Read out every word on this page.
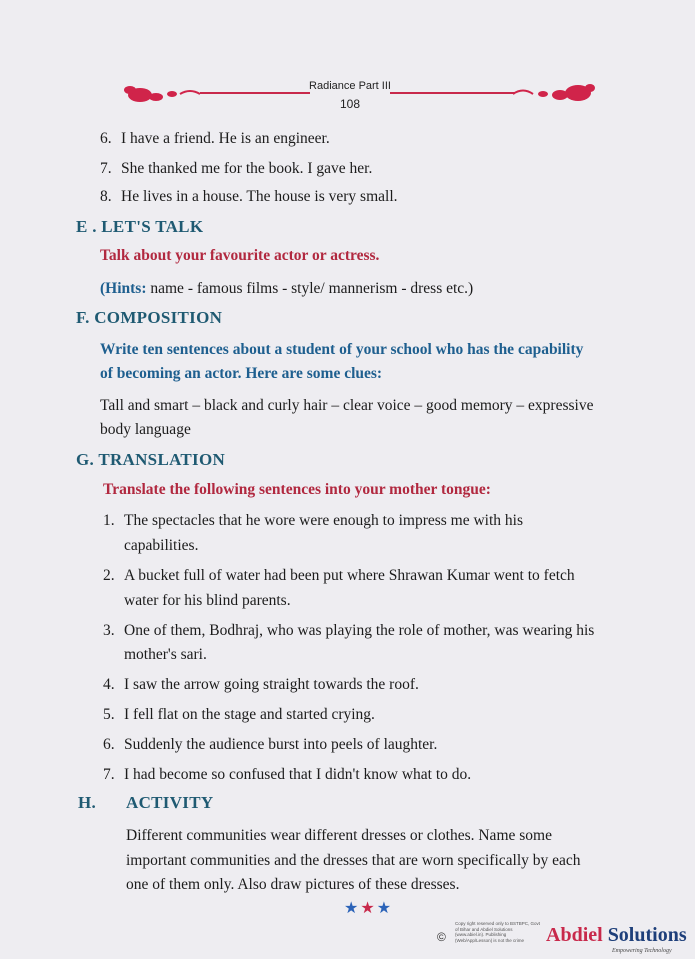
Radiance Part III
108
6. I have a friend. He is an engineer.
7. She thanked me for the book. I gave her.
8. He lives in a house. The house is very small.
E . LET'S TALK
Talk about your favourite actor or actress.
(Hints: name - famous films - style/ mannerism - dress etc.)
F. COMPOSITION
Write ten sentences about a student of your school who has the capability
of becoming an actor. Here are some clues:
Tall and smart – black and curly hair – clear voice – good memory – expressive
body language
G. TRANSLATION
Translate the following sentences into your mother tongue:
1. The spectacles that he wore were enough to impress me with his
capabilities.
2. A bucket full of water had been put where Shrawan Kumar went to fetch
water for his blind parents.
3. One of them, Bodhraj, who was playing the role of mother, was wearing his
mother's sari.
4. I saw the arrow going straight towards the roof.
5. I fell flat on the stage and started crying.
6. Suddenly the audience burst into peels of laughter.
7. I had become so confused that I didn't know what to do.
H. ACTIVITY
Different communities wear different dresses or clothes. Name some
important communities and the dresses that are worn specifically by each
one of them only. Also draw pictures of these dresses.
★ ★ ★
Copy right reserved only to BSTBPC, Govt of Bihar and Abdiel Solutions (www.abiel.in). Publishing (Web/App/Lesson) is not the crime
©	Abdiel Solutions
Empowering Technology
